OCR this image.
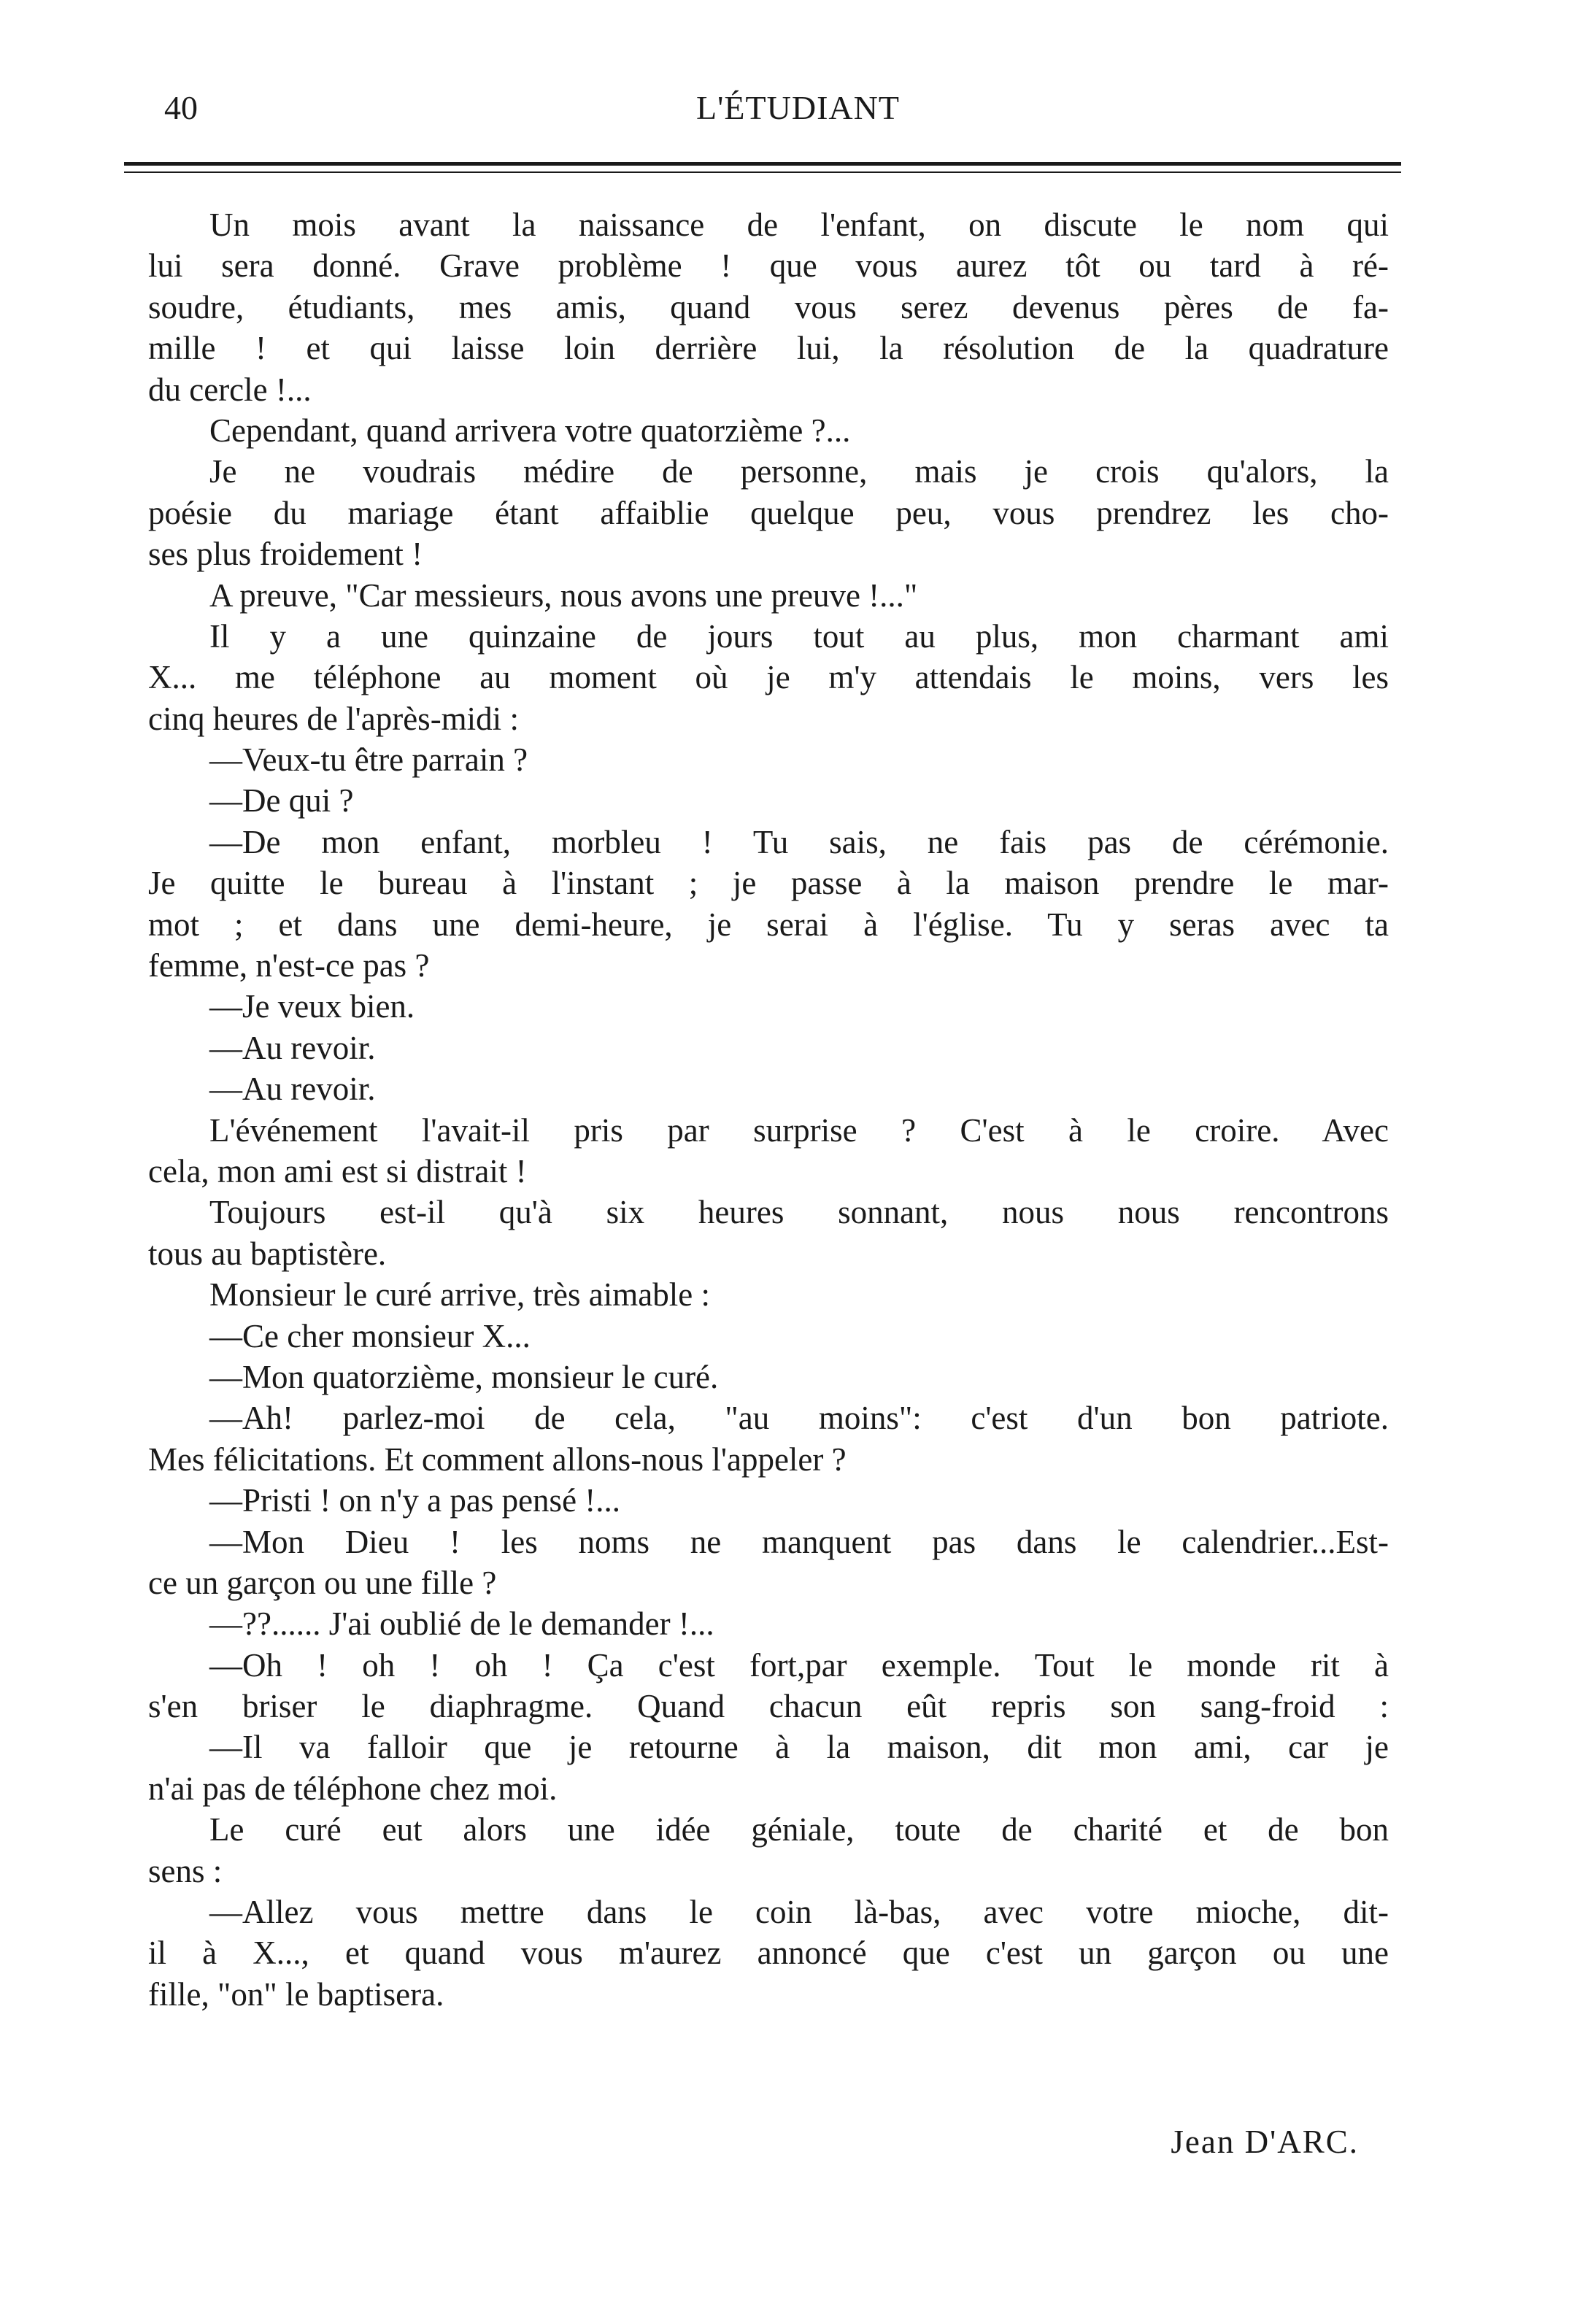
40	L'ÉTUDIANT
Un mois avant la naissance de l'enfant, on discute le nom qui
lui sera donné. Grave problème ! que vous aurez tôt ou tard à ré-
soudre, étudiants, mes amis, quand vous serez devenus pères de fa-
mille ! et qui laisse loin derrière lui, la résolution de la quadrature
du cercle !...
Cependant, quand arrivera votre quatorzième ?...
Je ne voudrais médire de personne, mais je crois qu'alors, la
poésie du mariage étant affaiblie quelque peu, vous prendrez les cho-
ses plus froidement !
A preuve, "Car messieurs, nous avons une preuve !..."
Il y a une quinzaine de jours tout au plus, mon charmant ami
X... me téléphone au moment où je m'y attendais le moins, vers les
cinq heures de l'après-midi :
—Veux-tu être parrain ?
—De qui ?
—De mon enfant, morbleu ! Tu sais, ne fais pas de cérémonie.
Je quitte le bureau à l'instant ; je passe à la maison prendre le mar-
mot ; et dans une demi-heure, je serai à l'église. Tu y seras avec ta
femme, n'est-ce pas ?
—Je veux bien.
—Au revoir.
—Au revoir.
L'événement l'avait-il pris par surprise ? C'est à le croire. Avec
cela, mon ami est si distrait !
Toujours est-il qu'à six heures sonnant, nous nous rencontrons
tous au baptistère.
Monsieur le curé arrive, très aimable :
—Ce cher monsieur X...
—Mon quatorzième, monsieur le curé.
—Ah! parlez-moi de cela, "au moins": c'est d'un bon patriote.
Mes félicitations. Et comment allons-nous l'appeler ?
—Pristi ! on n'y a pas pensé !...
—Mon Dieu ! les noms ne manquent pas dans le calendrier...Est-
ce un garçon ou une fille ?
—??...... J'ai oublié de le demander !...
—Oh ! oh ! oh ! Ça c'est fort,par exemple. Tout le monde rit à
s'en briser le diaphragme. Quand chacun eût repris son sang-froid :
—Il va falloir que je retourne à la maison, dit mon ami, car je
n'ai pas de téléphone chez moi.
Le curé eut alors une idée géniale, toute de charité et de bon
sens :
—Allez vous mettre dans le coin là-bas, avec votre mioche, dit-
il à X..., et quand vous m'aurez annoncé que c'est un garçon ou une
fille, "on" le baptisera.
Jean D'ARC.
